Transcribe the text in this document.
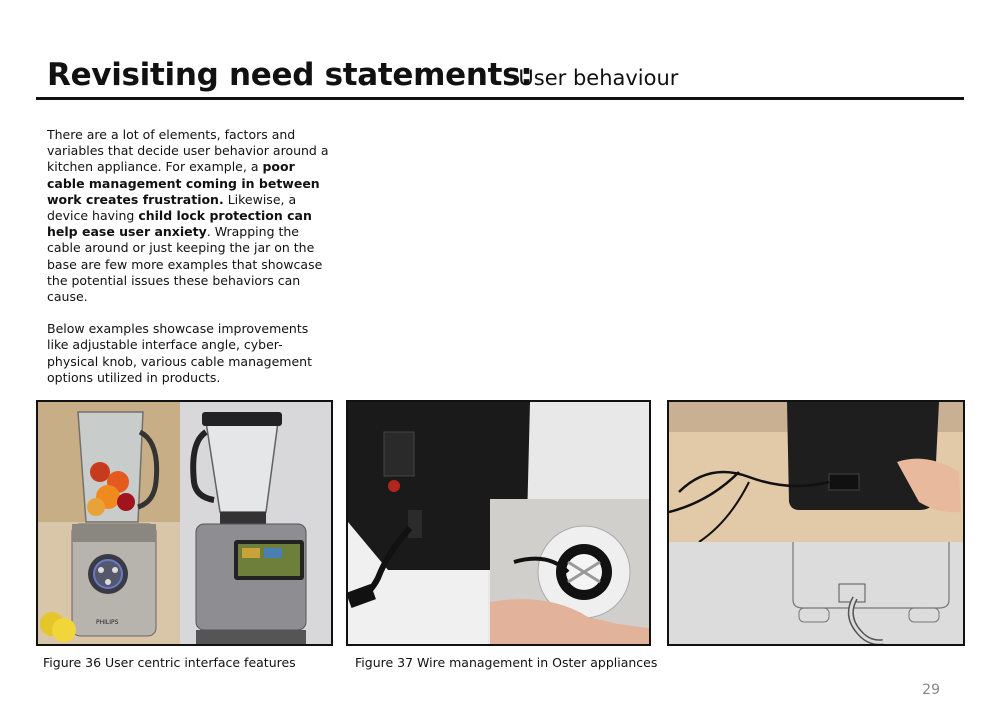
Revisiting need statements:User behaviour

There are a lot of elements, factors and variables that decide user behavior around a kitchen appliance. For example, a poor cable management coming in between work creates frustration. Likewise, a device having child lock protection can help ease user anxiety. Wrapping the cable around or just keeping the jar on the base are few more examples that showcase the potential issues these behaviors can cause.

Below examples showcase improvements like adjustable interface angle, cyber-physical knob, various cable management options utilized in products.

PHILIPS
Figure 36 User centric interface features	Figure 37 Wire management in Oster appliances
29
